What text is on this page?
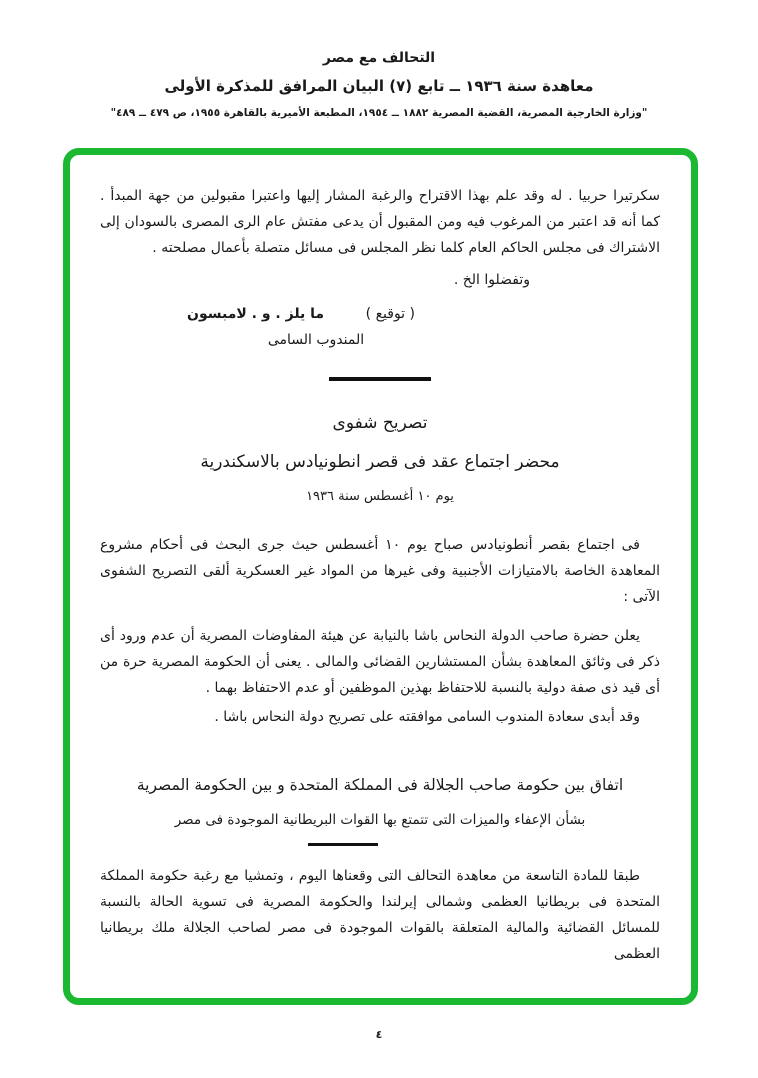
التحالف مع مصر
معاهدة سنة ١٩٣٦ ــ تابع (٧) البيان المرافق للمذكرة الأولى
"وزارة الخارجية المصرية، القضية المصرية ١٨٨٢ ــ ١٩٥٤، المطبعة الأميرية بالقاهرة ١٩٥٥، ص ٤٧٩ ــ ٤٨٩"

سكرتيرا حربيا . له وقد علم بهذا الاقتراح والرغبة المشار إليها واعتبرا مقبولين من جهة المبدأ . كما أنه قد اعتبر من المرغوب فيه ومن المقبول أن يدعى مفتش عام الرى المصرى بالسودان إلى الاشتراك فى مجلس الحاكم العام كلما نظر المجلس فى مسائل متصلة بأعمال مصلحته .

وتفضلوا الخ .
( توقيع )
ما يلز . و . لامبسون
المندوب السامى
تصريح شفوى
محضر اجتماع عقد فى قصر انطونيادس بالاسكندرية
يوم ١٠ أغسطس سنة ١٩٣٦

فى اجتماع بقصر أنطونيادس صباح يوم ١٠ أغسطس حيث جرى البحث فى أحكام مشروع المعاهدة الخاصة بالامتيازات الأجنبية وفى غيرها من المواد غير العسكرية ألقى التصريح الشفوى الآتى :

يعلن حضرة صاحب الدولة النحاس باشا بالنيابة عن هيئة المفاوضات المصرية أن عدم ورود أى ذكر فى وثائق المعاهدة بشأن المستشارين القضائى والمالى . يعنى أن الحكومة المصرية حرة من أى قيد ذى صفة دولية بالنسبة للاحتفاظ بهذين الموظفين أو عدم الاحتفاظ بهما .

وقد أبدى سعادة المندوب السامى موافقته على تصريح دولة النحاس باشا .

اتفاق بين حكومة صاحب الجلالة فى المملكة المتحدة و بين الحكومة المصرية
بشأن الإعفاء والميزات التى تتمتع بها القوات البريطانية الموجودة فى مصر

طبقا للمادة التاسعة من معاهدة التحالف التى وقعناها اليوم ، وتمشيا مع رغبة حكومة المملكة المتحدة فى بريطانيا العظمى وشمالى إيرلندا والحكومة المصرية فى تسوية الحالة بالنسبة للمسائل القضائية والمالية المتعلقة بالقوات الموجودة فى مصر لصاحب الجلالة ملك بريطانيا العظمى

٤
